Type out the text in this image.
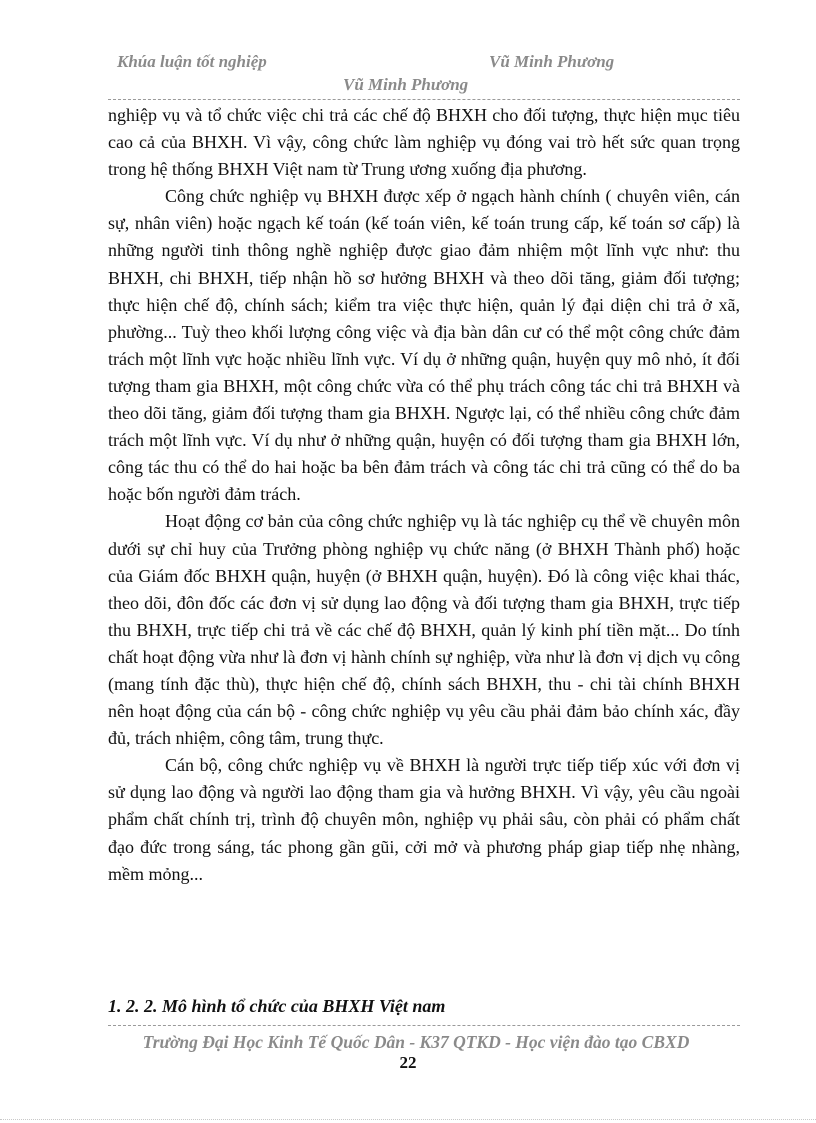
Khúa luận tốt nghiệp	Vũ Minh Phương
Vũ Minh Phương

nghiệp vụ và tổ chức việc chi trả các chế độ BHXH cho đối tượng, thực hiện mục tiêu cao cả của BHXH. Vì vậy, công chức làm nghiệp vụ đóng vai trò hết sức quan trọng trong hệ thống BHXH Việt nam từ Trung ương xuống địa phương.

Công chức nghiệp vụ BHXH được xếp ở ngạch hành chính ( chuyên viên, cán sự, nhân viên) hoặc ngạch kế toán (kế toán viên, kế toán trung cấp, kế toán sơ cấp) là những người tinh thông nghề nghiệp được giao đảm nhiệm một lĩnh vực như: thu BHXH, chi BHXH, tiếp nhận hồ sơ hưởng BHXH và theo dõi tăng, giảm đối tượng; thực hiện chế độ, chính sách; kiểm tra việc thực hiện, quản lý đại diện chi trả ở xã, phường... Tuỳ theo khối lượng công việc và địa bàn dân cư có thể một công chức đảm trách một lĩnh vực hoặc nhiều lĩnh vực. Ví dụ ở những quận, huyện quy mô nhỏ, ít đối tượng tham gia BHXH, một công chức vừa có thể phụ trách công tác chi trả BHXH và theo dõi tăng, giảm đối tượng tham gia BHXH. Ngược lại, có thể nhiều công chức đảm trách một lĩnh vực. Ví dụ như ở những quận, huyện có đối tượng tham gia BHXH lớn, công tác thu có thể do hai hoặc ba bên đảm trách và công tác chi trả cũng có thể do ba hoặc bốn người đảm trách.

Hoạt động cơ bản của công chức nghiệp vụ là tác nghiệp cụ thể về chuyên môn dưới sự chỉ huy của Trưởng phòng nghiệp vụ chức năng (ở BHXH Thành phố) hoặc của Giám đốc BHXH quận, huyện (ở BHXH quận, huyện). Đó là công việc khai thác, theo dõi, đôn đốc các đơn vị sử dụng lao động và đối tượng tham gia BHXH, trực tiếp thu BHXH, trực tiếp chi trả về các chế độ BHXH, quản lý kinh phí tiền mặt... Do tính chất hoạt động vừa như là đơn vị hành chính sự nghiệp, vừa như là đơn vị dịch vụ công (mang tính đặc thù), thực hiện chế độ, chính sách BHXH, thu - chi tài chính BHXH nên hoạt động của cán bộ - công chức nghiệp vụ yêu cầu phải đảm bảo chính xác, đầy đủ, trách nhiệm, công tâm, trung thực.

Cán bộ, công chức nghiệp vụ về BHXH là người trực tiếp tiếp xúc với đơn vị sử dụng lao động và người lao động tham gia và hưởng BHXH. Vì vậy, yêu cầu ngoài phẩm chất chính trị, trình độ chuyên môn, nghiệp vụ phải sâu, còn phải có phẩm chất đạo đức trong sáng, tác phong gần gũi, cởi mở và phương pháp giap tiếp nhẹ nhàng, mềm mỏng...

1. 2. 2. Mô hình tổ chức của BHXH Việt nam
Trường Đại Học Kinh Tế Quốc Dân - K37 QTKD - Học viện đào tạo CBXD
22
